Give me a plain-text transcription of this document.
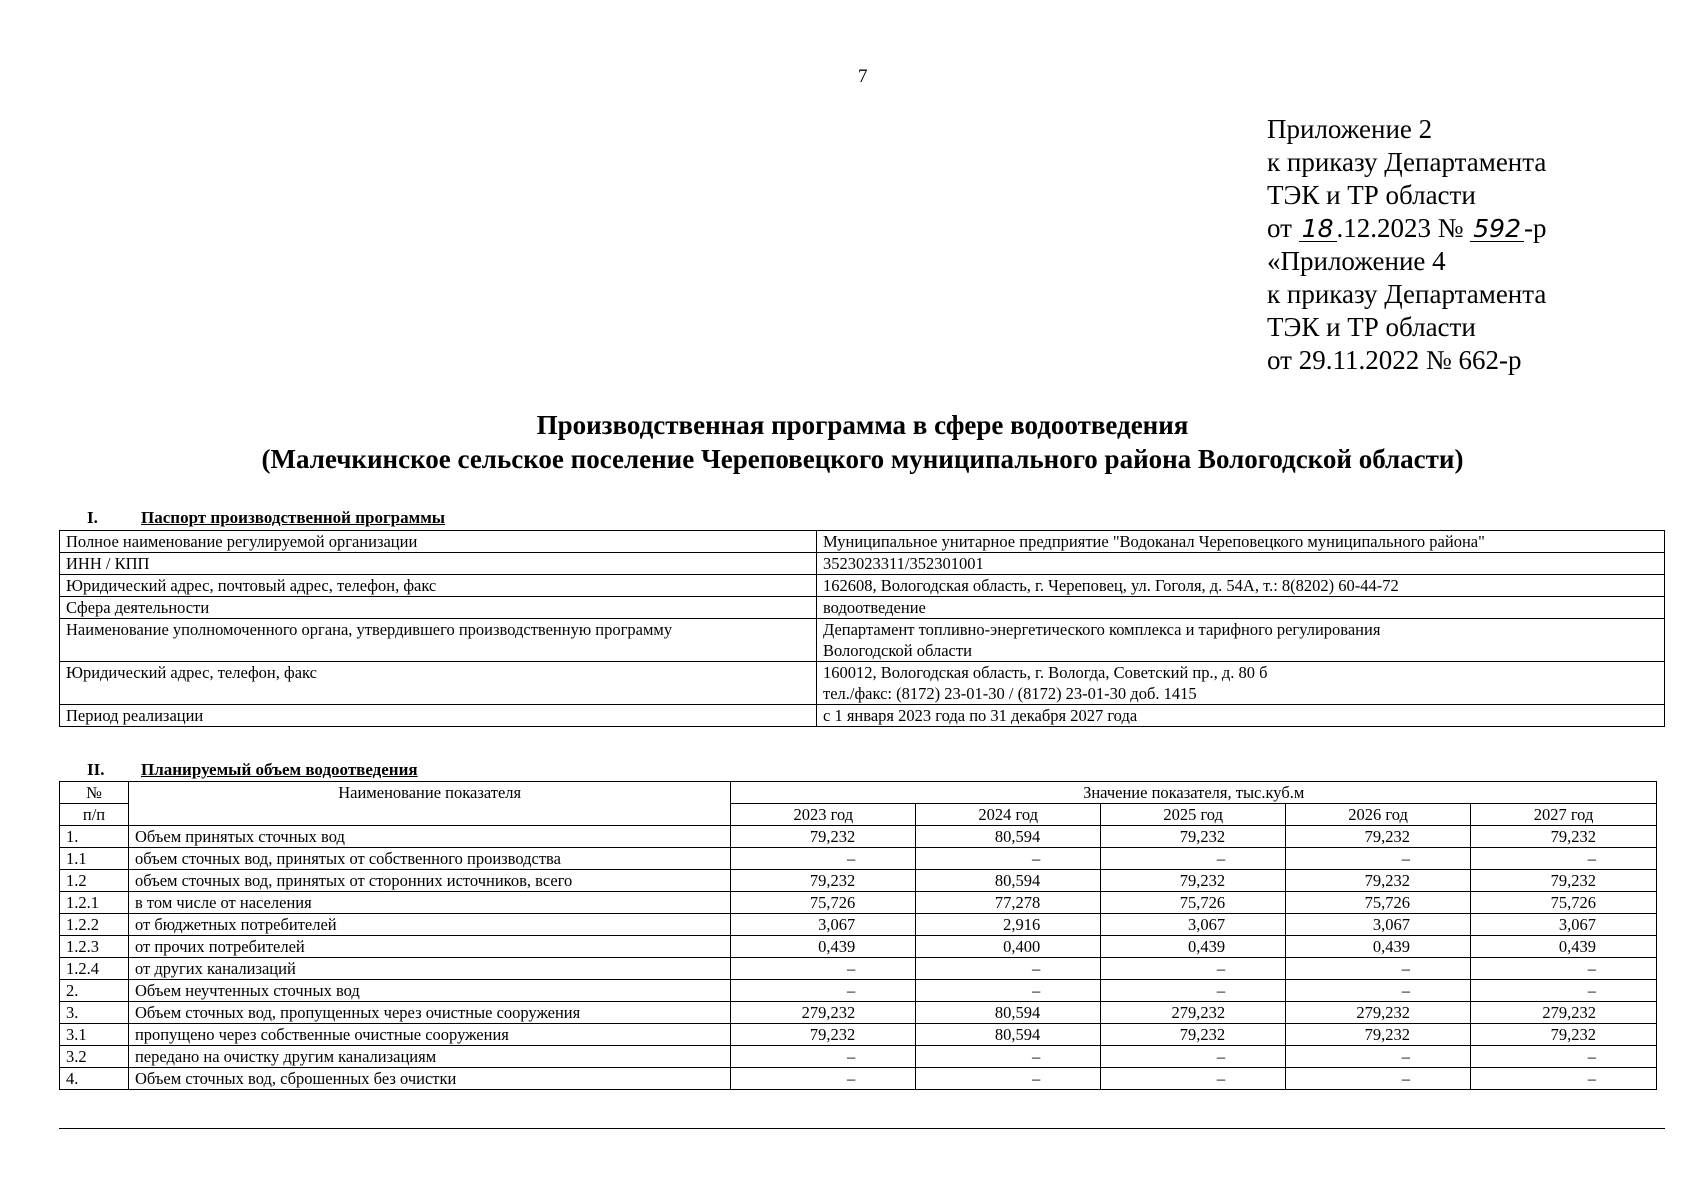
7
Приложение 2
к приказу Департамента
ТЭК и ТР области
от 18 .12.2023 № 592 -р
«Приложение 4
к приказу Департамента
ТЭК и ТР области
от 29.11.2022 № 662-р
Производственная программа в сфере водоотведения
(Малечкинское сельское поселение Череповецкого муниципального района Вологодской области)
I.	Паспорт производственной программы
Полное наименование регулируемой организации	Муниципальное унитарное предприятие "Водоканал Череповецкого муниципального района"

ИНН / КПП	3523023311/352301001

Юридический адрес, почтовый адрес, телефон, факс	162608, Вологодская область, г. Череповец, ул. Гоголя, д. 54А, т.: 8(8202) 60-44-72

Сфера деятельности	водоотведение

Наименование уполномоченного органа, утвердившего производственную программу	Департамент топливно-энергетического комплекса и тарифного регулирования
Вологодской области

Юридический адрес, телефон, факс	160012, Вологодская область, г. Вологда, Советский пр., д. 80 б
тел./факс: (8172) 23-01-30 / (8172) 23-01-30 доб. 1415

Период реализации	с 1 января 2023 года по 31 декабря 2027 года
II. Планируемый объем водоотведения
№	Наименование показателя	Значение показателя, тыс.куб.м				
п/п		2023 год	2024 год	2025 год	2026 год	2027 год
1.	Объем принятых сточных вод	79,232	80,594	79,232	79,232	79,232
1.1	объем сточных вод, принятых от собственного производства	–	–	–	–	–
1.2	объем сточных вод, принятых от сторонних источников, всего	79,232	80,594	79,232	79,232	79,232
1.2.1	в том числе от населения	75,726	77,278	75,726	75,726	75,726
1.2.2	от бюджетных потребителей	3,067	2,916	3,067	3,067	3,067
1.2.3	от прочих потребителей	0,439	0,400	0,439	0,439	0,439
1.2.4	от других канализаций	–	–	–	–	–
2.	Объем неучтенных сточных вод	–	–	–	–	–
3.	Объем сточных вод, пропущенных через очистные сооружения	279,232	80,594	279,232	279,232	279,232
3.1	пропущено через собственные очистные сооружения	79,232	80,594	79,232	79,232	79,232
3.2	передано на очистку другим канализациям	–	–	–	–	–
4.	Объем сточных вод, сброшенных без очистки	–	–	–	–	–
